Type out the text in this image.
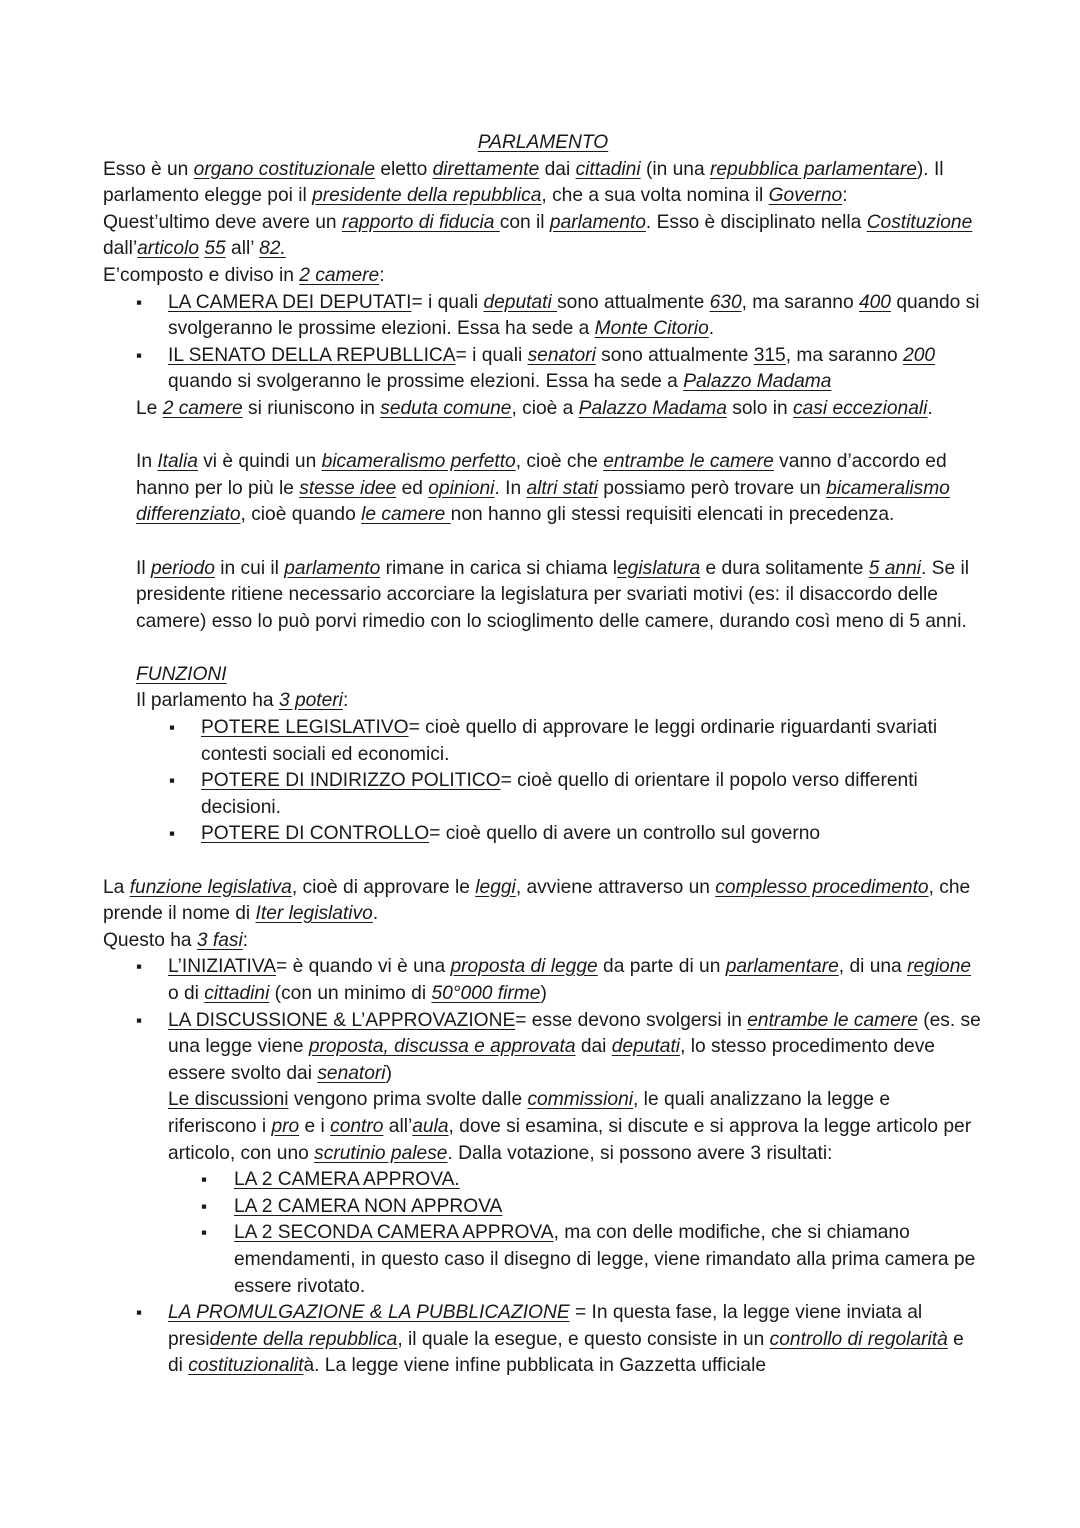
PARLAMENTO

Esso è un organo costituzionale eletto direttamente dai cittadini (in una repubblica parlamentare). Il parlamento elegge poi il presidente della repubblica, che a sua volta nomina il Governo:
Quest’ultimo deve avere un rapporto di fiducia con il parlamento. Esso è disciplinato nella Costituzione dall’articolo 55 all’ 82.

E’composto e diviso in 2 camere:

▪ LA CAMERA DEI DEPUTATI= i quali deputati sono attualmente 630, ma saranno 400 quando si svolgeranno le prossime elezioni. Essa ha sede a Monte Citorio.
▪ IL SENATO DELLA REPUBLLICA= i quali senatori sono attualmente 315, ma saranno 200 quando si svolgeranno le prossime elezioni. Essa ha sede a Palazzo Madama

Le 2 camere si riuniscono in seduta comune, cioè a Palazzo Madama solo in casi eccezionali.

In Italia vi è quindi un bicameralismo perfetto, cioè che entrambe le camere vanno d’accordo ed hanno per lo più le stesse idee ed opinioni. In altri stati possiamo però trovare un bicameralismo differenziato, cioè quando le camere non hanno gli stessi requisiti elencati in precedenza.

Il periodo in cui il parlamento rimane in carica si chiama legislatura e dura solitamente 5 anni. Se il presidente ritiene necessario accorciare la legislatura per svariati motivi (es: il disaccordo delle camere) esso lo può porvi rimedio con lo scioglimento delle camere, durando così meno di 5 anni.

FUNZIONI

Il parlamento ha 3 poteri:

▪ POTERE LEGISLATIVO= cioè quello di approvare le leggi ordinarie riguardanti svariati contesti sociali ed economici.
▪ POTERE DI INDIRIZZO POLITICO= cioè quello di orientare il popolo verso differenti decisioni.
▪ POTERE DI CONTROLLO= cioè quello di avere un controllo sul governo

La funzione legislativa, cioè di approvare le leggi, avviene attraverso un complesso procedimento, che prende il nome di Iter legislativo.
Questo ha 3 fasi:

▪ L’INIZIATIVA= è quando vi è una proposta di legge da parte di un parlamentare, di una regione o di cittadini (con un minimo di 50°000 firme)
▪ LA DISCUSSIONE & L’APPROVAZIONE= esse devono svolgersi in entrambe le camere (es. se una legge viene proposta, discussa e approvata dai deputati, lo stesso procedimento deve essere svolto dai senatori)
Le discussioni vengono prima svolte dalle commissioni, le quali analizzano la legge e riferiscono i pro e i contro all’aula, dove si esamina, si discute e si approva la legge articolo per articolo, con uno scrutinio palese. Dalla votazione, si possono avere 3 risultati:
▪ LA 2 CAMERA APPROVA.
▪ LA 2 CAMERA NON APPROVA
▪ LA 2 SECONDA CAMERA APPROVA, ma con delle modifiche, che si chiamano emendamenti, in questo caso il disegno di legge, viene rimandato alla prima camera pe essere rivotato.
▪ LA PROMULGAZIONE & LA PUBBLICAZIONE = In questa fase, la legge viene inviata al presidente della repubblica, il quale la esegue, e questo consiste in un controllo di regolarità e di costituzionalità. La legge viene infine pubblicata in Gazzetta ufficiale
